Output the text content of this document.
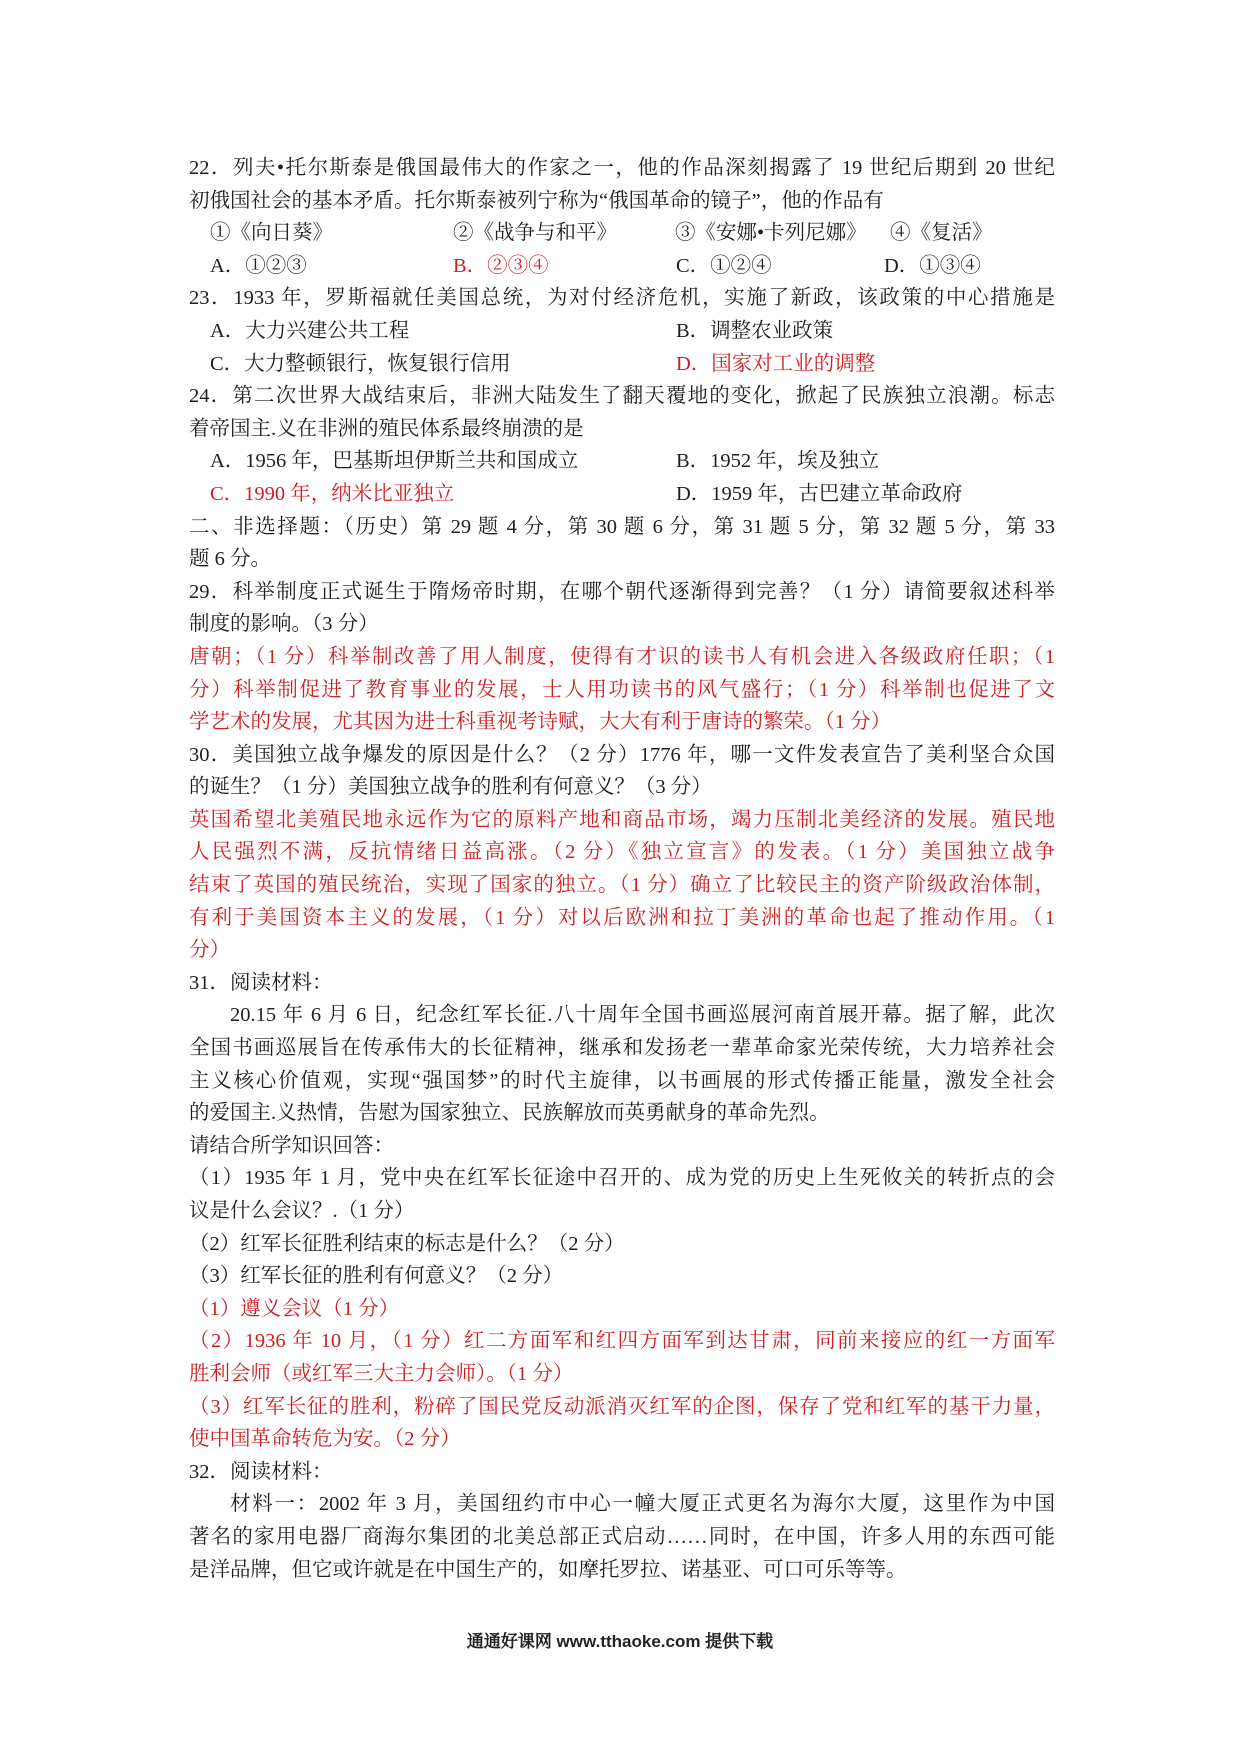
22．列夫•托尔斯泰是俄国最伟大的作家之一，他的作品深刻揭露了 19 世纪后期到 20 世纪
初俄国社会的基本矛盾。托尔斯泰被列宁称为“俄国革命的镜子”，他的作品有
①《向日葵》	②《战争与和平》	③《安娜•卡列尼娜》 ④《复活》
A．①②③	B．②③④	C．①②④	D．①③④
23．1933 年，罗斯福就任美国总统，为对付经济危机，实施了新政，该政策的中心措施是
A．大力兴建公共工程	B．调整农业政策
C．大力整顿银行，恢复银行信用	D．国家对工业的调整
24．第二次世界大战结束后，非洲大陆发生了翻天覆地的变化，掀起了民族独立浪潮。标志
着帝国主.义在非洲的殖民体系最终崩溃的是
A．1956 年，巴基斯坦伊斯兰共和国成立	B．1952 年，埃及独立
C．1990 年，纳米比亚独立	D．1959 年，古巴建立革命政府
二、非选择题：（历史）第 29 题 4 分，第 30 题 6 分，第 31 题 5 分，第 32 题 5 分，第 33
题 6 分。
29．科举制度正式诞生于隋炀帝时期，在哪个朝代逐渐得到完善？（1 分）请简要叙述科举
制度的影响。（3 分）
唐朝；（1 分）科举制改善了用人制度，使得有才识的读书人有机会进入各级政府任职；（1
分）科举制促进了教育事业的发展，士人用功读书的风气盛行；（1 分）科举制也促进了文
学艺术的发展，尤其因为进士科重视考诗赋，大大有利于唐诗的繁荣。（1 分）
30．美国独立战争爆发的原因是什么？（2 分）1776 年，哪一文件发表宣告了美利坚合众国
的诞生？（1 分）美国独立战争的胜利有何意义？（3 分）
英国希望北美殖民地永远作为它的原料产地和商品市场，竭力压制北美经济的发展。殖民地
人民强烈不满，反抗情绪日益高涨。（2 分）《独立宣言》的发表。（1 分）美国独立战争
结束了英国的殖民统治，实现了国家的独立。（1 分）确立了比较民主的资产阶级政治体制，
有利于美国资本主义的发展，（1 分）对以后欧洲和拉丁美洲的革命也起了推动作用。（1
分）
31．阅读材料：
20.15 年 6 月 6 日，纪念红军长征.八十周年全国书画巡展河南首展开幕。据了解，此次
全国书画巡展旨在传承伟大的长征精神，继承和发扬老一辈革命家光荣传统，大力培养社会
主义核心价值观，实现“强国梦”的时代主旋律，以书画展的形式传播正能量，激发全社会
的爱国主.义热情，告慰为国家独立、民族解放而英勇献身的革命先烈。
请结合所学知识回答：
（1）1935 年 1 月，党中央在红军长征途中召开的、成为党的历史上生死攸关的转折点的会
议是什么会议？.（1 分）
（2）红军长征胜利结束的标志是什么？（2 分）
（3）红军长征的胜利有何意义？（2 分）
（1）遵义会议（1 分）
（2）1936 年 10 月，（1 分）红二方面军和红四方面军到达甘肃，同前来接应的红一方面军
胜利会师（或红军三大主力会师）。（1 分）
（3）红军长征的胜利，粉碎了国民党反动派消灭红军的企图，保存了党和红军的基干力量，
使中国革命转危为安。（2 分）
32．阅读材料：
材料一：2002 年 3 月，美国纽约市中心一幢大厦正式更名为海尔大厦，这里作为中国
著名的家用电器厂商海尔集团的北美总部正式启动……同时，在中国，许多人用的东西可能
是洋品牌，但它或许就是在中国生产的，如摩托罗拉、诺基亚、可口可乐等等。
通通好课网 www.tthaoke.com 提供下载
